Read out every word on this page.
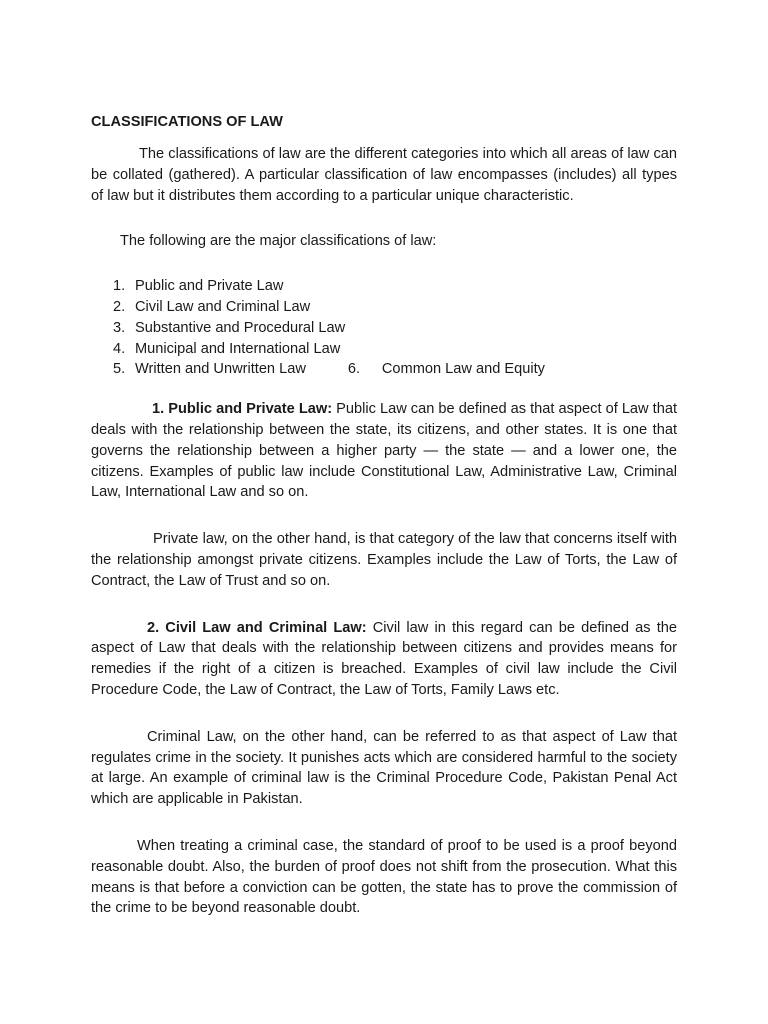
CLASSIFICATIONS OF LAW

The classifications of law are the different categories into which all areas of law can be collated (gathered). A particular classification of law encompasses (includes) all types of law but it distributes them according to a particular unique characteristic.

The following are the major classifications of law:

1. Public and Private Law
2. Civil Law and Criminal Law
3. Substantive and Procedural Law
4. Municipal and International Law
5. Written and Unwritten Law	6.	Common Law and Equity

1. Public and Private Law: Public Law can be defined as that aspect of Law that deals with the relationship between the state, its citizens, and other states. It is one that governs the relationship between a higher party — the state — and a lower one, the citizens. Examples of public law include Constitutional Law, Administrative Law, Criminal Law, International Law and so on.

Private law, on the other hand, is that category of the law that concerns itself with the relationship amongst private citizens. Examples include the Law of Torts, the Law of Contract, the Law of Trust and so on.

2. Civil Law and Criminal Law: Civil law in this regard can be defined as the aspect of Law that deals with the relationship between citizens and provides means for remedies if the right of a citizen is breached. Examples of civil law include the Civil Procedure Code, the Law of Contract, the Law of Torts, Family Laws etc.

Criminal Law, on the other hand, can be referred to as that aspect of Law that regulates crime in the society. It punishes acts which are considered harmful to the society at large. An example of criminal law is the Criminal Procedure Code, Pakistan Penal Act which are applicable in Pakistan.

When treating a criminal case, the standard of proof to be used is a proof beyond reasonable doubt. Also, the burden of proof does not shift from the prosecution. What this means is that before a conviction can be gotten, the state has to prove the commission of the crime to be beyond reasonable doubt.
